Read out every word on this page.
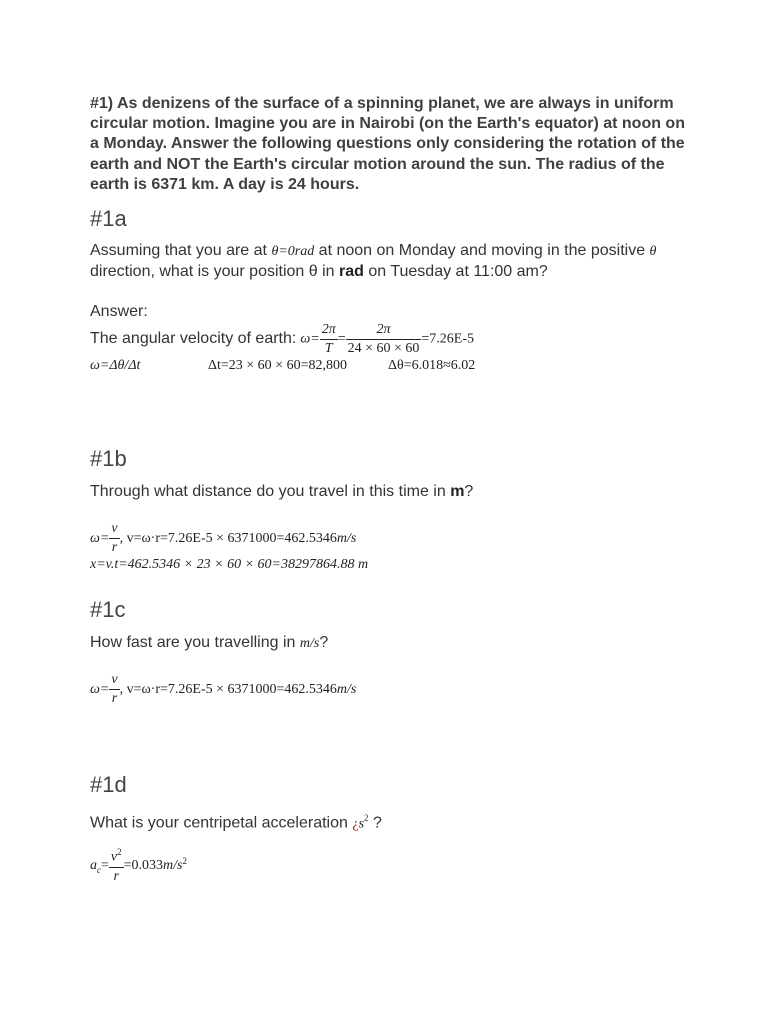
#1) As denizens of the surface of a spinning planet, we are always in uniform circular motion. Imagine you are in Nairobi (on the Earth's equator) at noon on a Monday. Answer the following questions only considering the rotation of the earth and NOT the Earth's circular motion around the sun. The radius of the earth is 6371 km. A day is 24 hours.
#1a
Assuming that you are at θ=0rad at noon on Monday and moving in the positive θ direction, what is your position θ in rad on Tuesday at 11:00 am?
Answer:
The angular velocity of earth: $\omega= \frac{2\pi}{T} = \frac{2\pi}{24 \times 60 \times 60} =7.26E-5$
ω=Δθ/Δt	Δt=23 × 60 × 60=82,800	Δθ=6.018≈6.02
#1b
Through what distance do you travel in this time in m?
$\omega= \frac{v}{r}$ , v=ω·r=7.26E-5 × 6371000=462.5346 m/s
x=v.t=462.5346 × 23 × 60 × 60=38297864.88 m
#1c
How fast are you travelling in m/s?
$\omega= \frac{v}{r}$ , v=ω·r=7.26E-5 × 6371000=462.5346 m/s
#1d
What is your centripetal acceleration ¿$s^2$ ?
$a_c = \frac{v^2}{r} =0.033$ $m/s^2$
